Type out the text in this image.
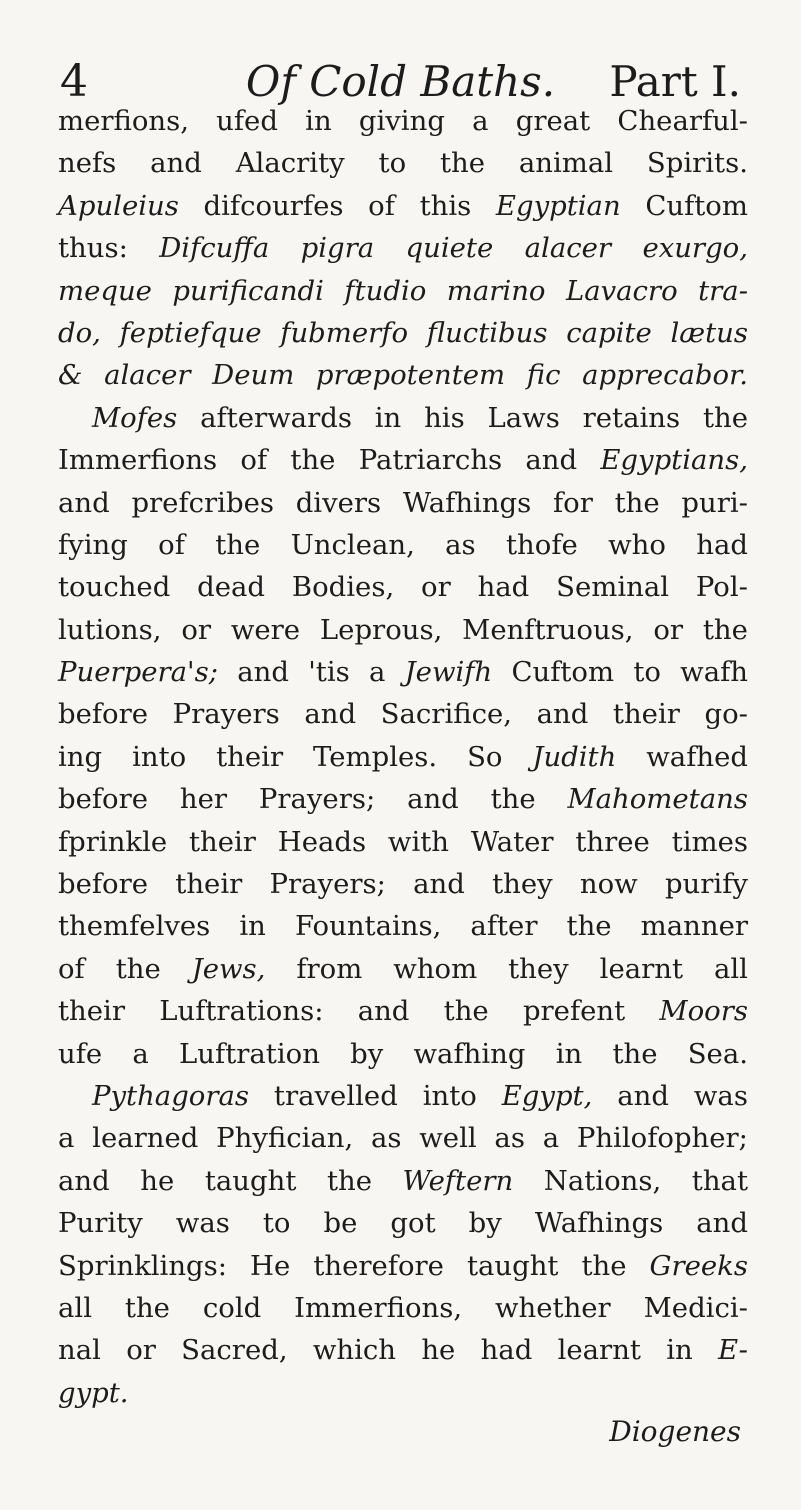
4	Of Cold Baths.	Part I.
merfions, ufed in giving a great Chearful-
nefs and Alacrity to the animal Spirits.
Apuleius difcourfes of this Egyptian Cuftom
thus: Difcuffa pigra quiete alacer exurgo,
meque purificandi ftudio marino Lavacro tra-
do, feptiefque fubmerfo fluctibus capite lætus
& alacer Deum præpotentem fic apprecabor.
Mofes afterwards in his Laws retains the
Immerfions of the Patriarchs and Egyptians,
and prefcribes divers Wafhings for the puri-
fying of the Unclean, as thofe who had
touched dead Bodies, or had Seminal Pol-
lutions, or were Leprous, Menftruous, or the
Puerpera's; and 'tis a Jewifh Cuftom to wafh
before Prayers and Sacrifice, and their go-
ing into their Temples. So Judith wafhed
before her Prayers; and the Mahometans
fprinkle their Heads with Water three times
before their Prayers; and they now purify
themfelves in Fountains, after the manner
of the Jews, from whom they learnt all
their Luftrations: and the prefent Moors
ufe a Luftration by wafhing in the Sea.
Pythagoras travelled into Egypt, and was
a learned Phyfician, as well as a Philofopher;
and he taught the Weftern Nations, that
Purity was to be got by Wafhings and
Sprinklings: He therefore taught the Greeks
all the cold Immerfions, whether Medici-
nal or Sacred, which he had learnt in E-
gypt.
Diogenes
